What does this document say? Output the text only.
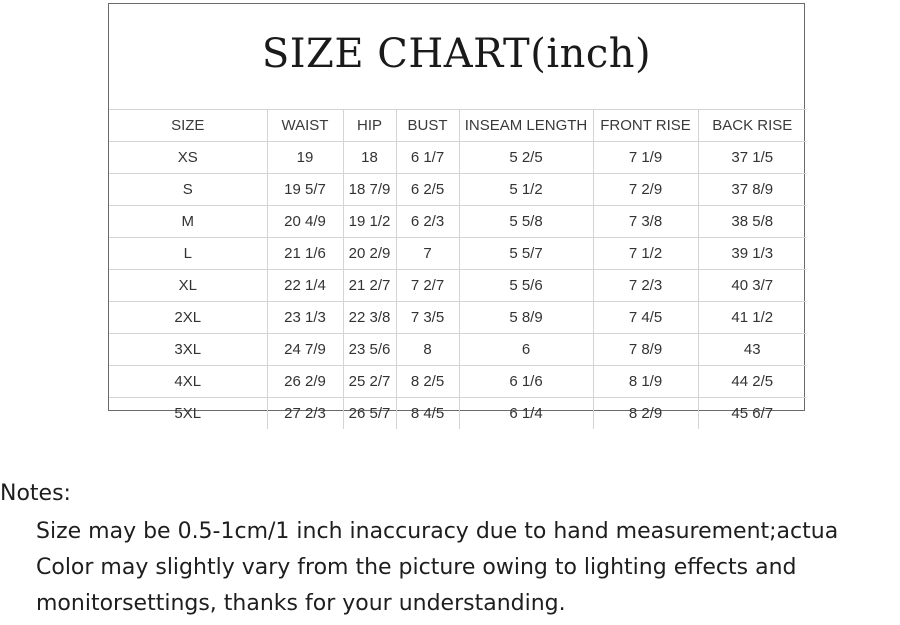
SIZE CHART(inch)
SIZE	WAIST	HIP	BUST	INSEAM LENGTH	FRONT RISE	BACK RISE
XS	19	18	6 1/7	5 2/5	7 1/9	37 1/5
S	19 5/7	18 7/9	6 2/5	5 1/2	7 2/9	37 8/9
M	20 4/9	19 1/2	6 2/3	5 5/8	7 3/8	38 5/8
L	21 1/6	20 2/9	7	5 5/7	7 1/2	39 1/3
XL	22 1/4	21 2/7	7 2/7	5 5/6	7 2/3	40 3/7
2XL	23 1/3	22 3/8	7 3/5	5 8/9	7 4/5	41 1/2
3XL	24 7/9	23 5/6	8	6	7 8/9	43
4XL	26 2/9	25 2/7	8 2/5	6 1/6	8 1/9	44 2/5
5XL	27 2/3	26 5/7	8 4/5	6 1/4	8 2/9	45 6/7
Notes:
Size may be 0.5-1cm/1 inch inaccuracy due to hand measurement;actua
Color may slightly vary from the picture owing to lighting effects and
monitorsettings, thanks for your understanding.
